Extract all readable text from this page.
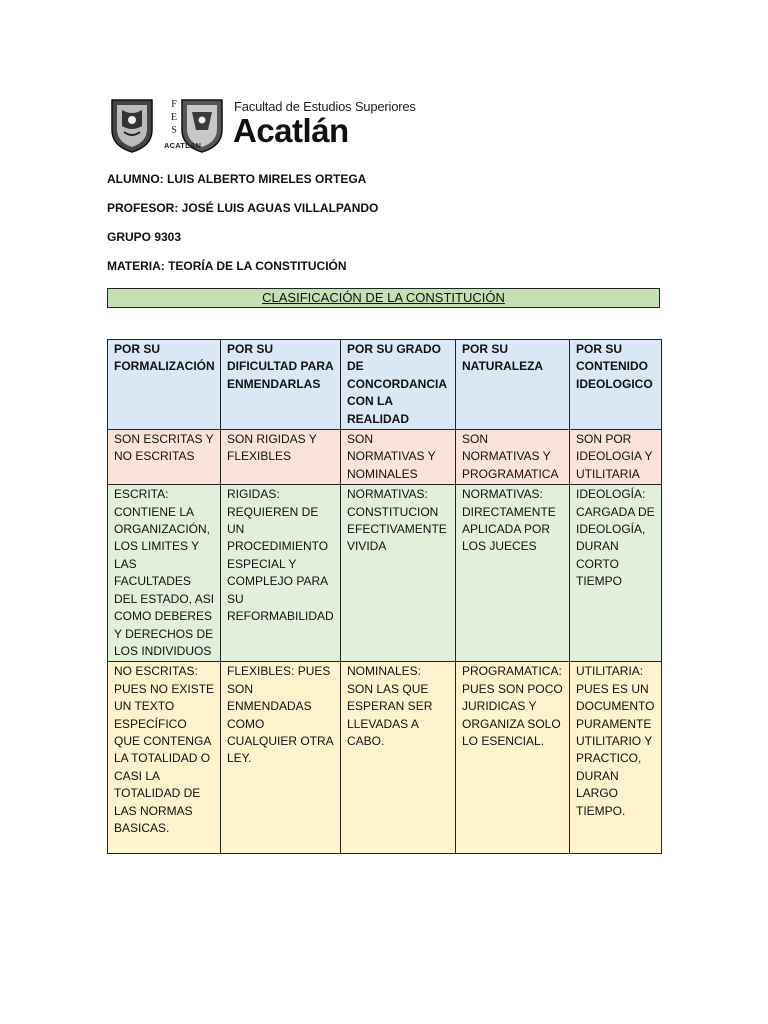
F
E
S
ACATLAN
Facultad de Estudios Superiores
Acatlán
ALUMNO: LUIS ALBERTO MIRELES ORTEGA
PROFESOR: JOSÉ LUIS AGUAS VILLALPANDO
GRUPO 9303
MATERIA: TEORÍA DE LA CONSTITUCIÓN
CLASIFICACIÓN DE LA CONSTITUCIÓN
POR SU FORMALIZACIÓN	POR SU DIFICULTAD PARA ENMENDARLAS	POR SU GRADO DE CONCORDANCIA CON LA REALIDAD	POR SU NATURALEZA	POR SU CONTENIDO IDEOLOGICO
SON ESCRITAS Y NO ESCRITAS	SON RIGIDAS Y FLEXIBLES	SON NORMATIVAS Y NOMINALES	SON NORMATIVAS Y PROGRAMATICA	SON POR IDEOLOGIA Y UTILITARIA
ESCRITA: CONTIENE LA ORGANIZACIÓN, LOS LIMITES Y LAS FACULTADES DEL ESTADO, ASI COMO DEBERES Y DERECHOS DE LOS INDIVIDUOS	RIGIDAS: REQUIEREN DE UN PROCEDIMIENTO ESPECIAL Y COMPLEJO PARA SU REFORMABILIDAD	NORMATIVAS: CONSTITUCION EFECTIVAMENTE VIVIDA	NORMATIVAS: DIRECTAMENTE APLICADA POR LOS JUECES	IDEOLOGÍA: CARGADA DE IDEOLOGÍA, DURAN CORTO TIEMPO
NO ESCRITAS: PUES NO EXISTE UN TEXTO ESPECÍFICO QUE CONTENGA LA TOTALIDAD O CASI LA TOTALIDAD DE LAS NORMAS BASICAS.	FLEXIBLES: PUES SON ENMENDADAS COMO CUALQUIER OTRA LEY.	NOMINALES: SON LAS QUE ESPERAN SER LLEVADAS A CABO.	PROGRAMATICA: PUES SON POCO JURIDICAS Y ORGANIZA SOLO LO ESENCIAL.	UTILITARIA: PUES ES UN DOCUMENTO PURAMENTE UTILITARIO Y PRACTICO, DURAN LARGO TIEMPO.
